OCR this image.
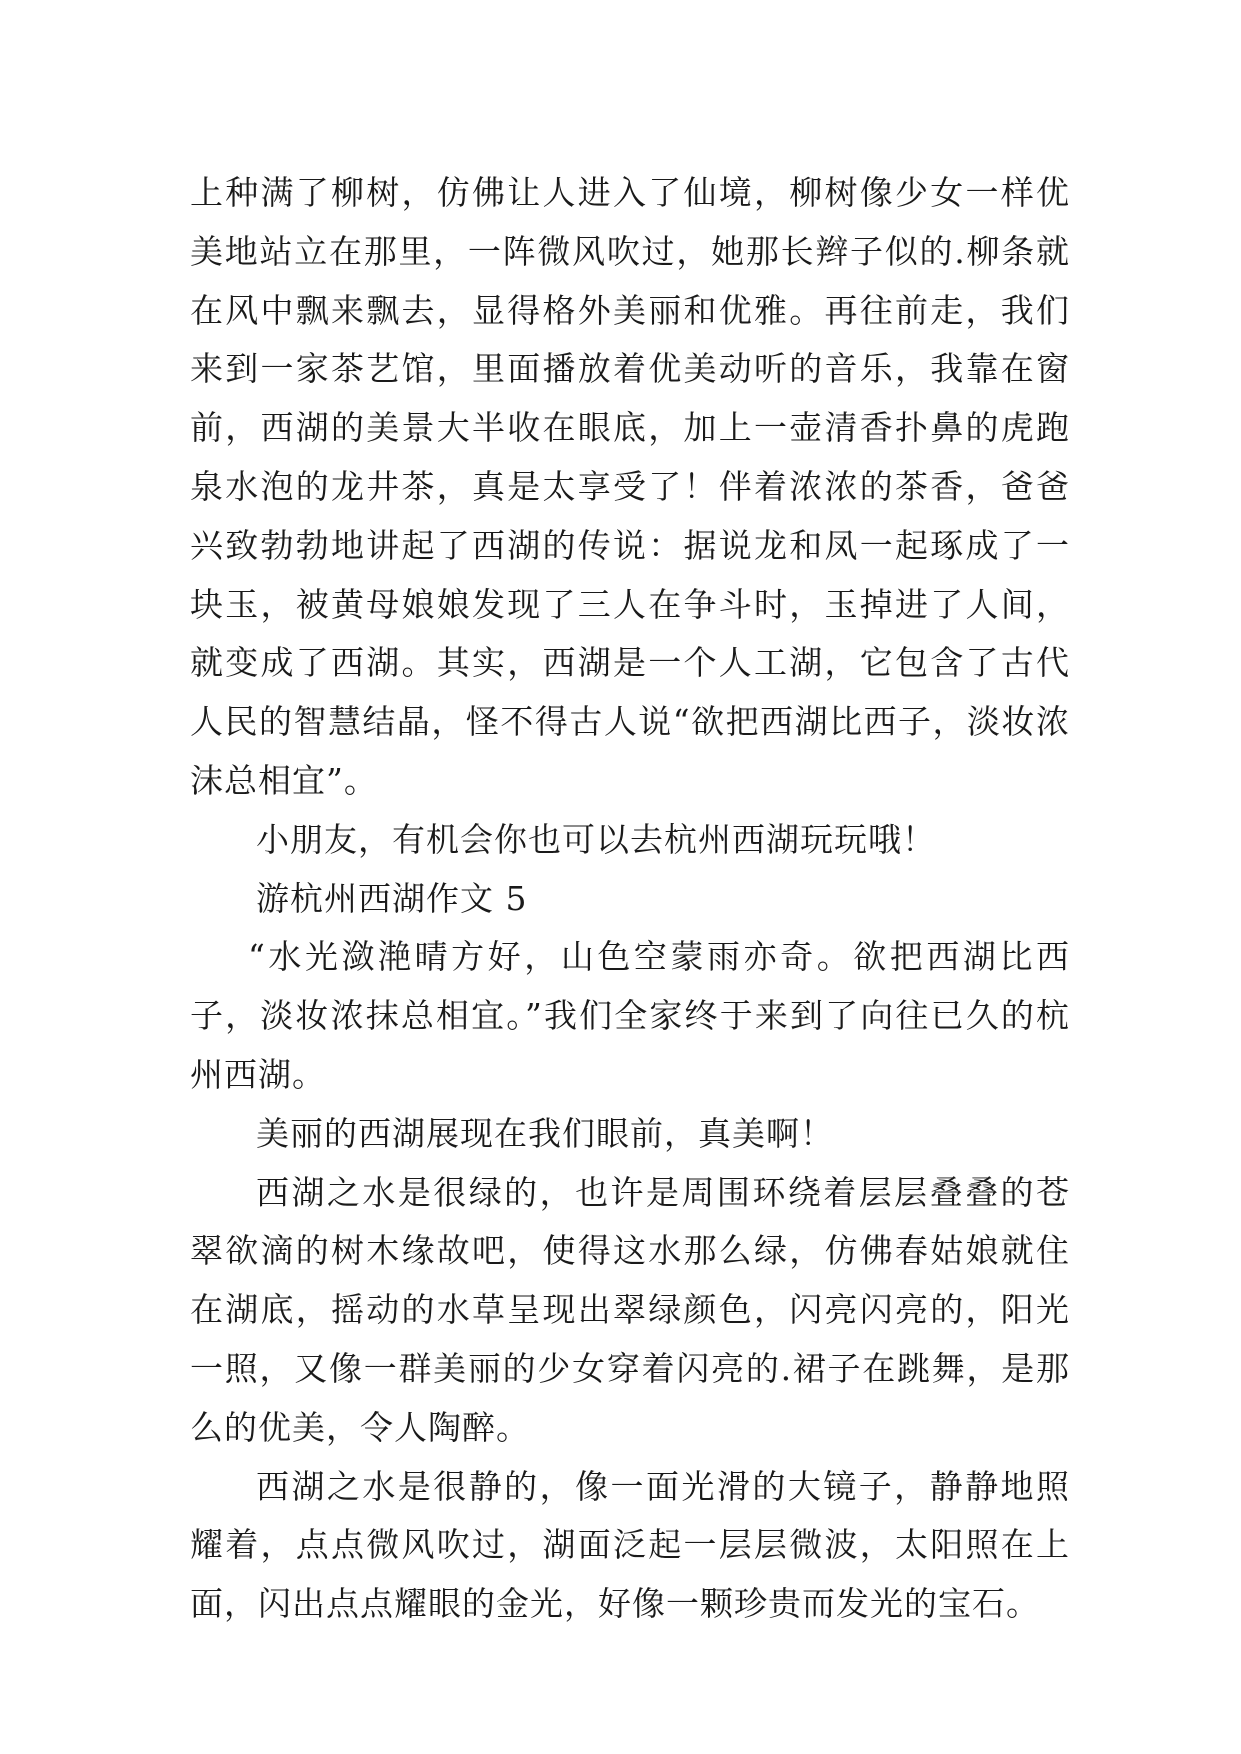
上种满了柳树，仿佛让人进入了仙境，柳树像少女一样优美地站立在那里，一阵微风吹过，她那长辫子似的.柳条就在风中飘来飘去，显得格外美丽和优雅。再往前走，我们来到一家茶艺馆，里面播放着优美动听的音乐，我靠在窗前，西湖的美景大半收在眼底，加上一壶清香扑鼻的虎跑泉水泡的龙井茶，真是太享受了！伴着浓浓的茶香，爸爸兴致勃勃地讲起了西湖的传说：据说龙和凤一起琢成了一块玉，被黄母娘娘发现了三人在争斗时，玉掉进了人间，就变成了西湖。其实，西湖是一个人工湖，它包含了古代人民的智慧结晶，怪不得古人说“欲把西湖比西子，淡妆浓沫总相宜”。

小朋友，有机会你也可以去杭州西湖玩玩哦！

游杭州西湖作文 5

“水光潋滟晴方好，山色空蒙雨亦奇。欲把西湖比西子，淡妆浓抹总相宜。”我们全家终于来到了向往已久的杭州西湖。

美丽的西湖展现在我们眼前，真美啊！

西湖之水是很绿的，也许是周围环绕着层层叠叠的苍翠欲滴的树木缘故吧，使得这水那么绿，仿佛春姑娘就住在湖底，摇动的水草呈现出翠绿颜色，闪亮闪亮的，阳光一照，又像一群美丽的少女穿着闪亮的.裙子在跳舞，是那么的优美，令人陶醉。

西湖之水是很静的，像一面光滑的大镜子，静静地照耀着，点点微风吹过，湖面泛起一层层微波，太阳照在上面，闪出点点耀眼的金光，好像一颗珍贵而发光的宝石。
